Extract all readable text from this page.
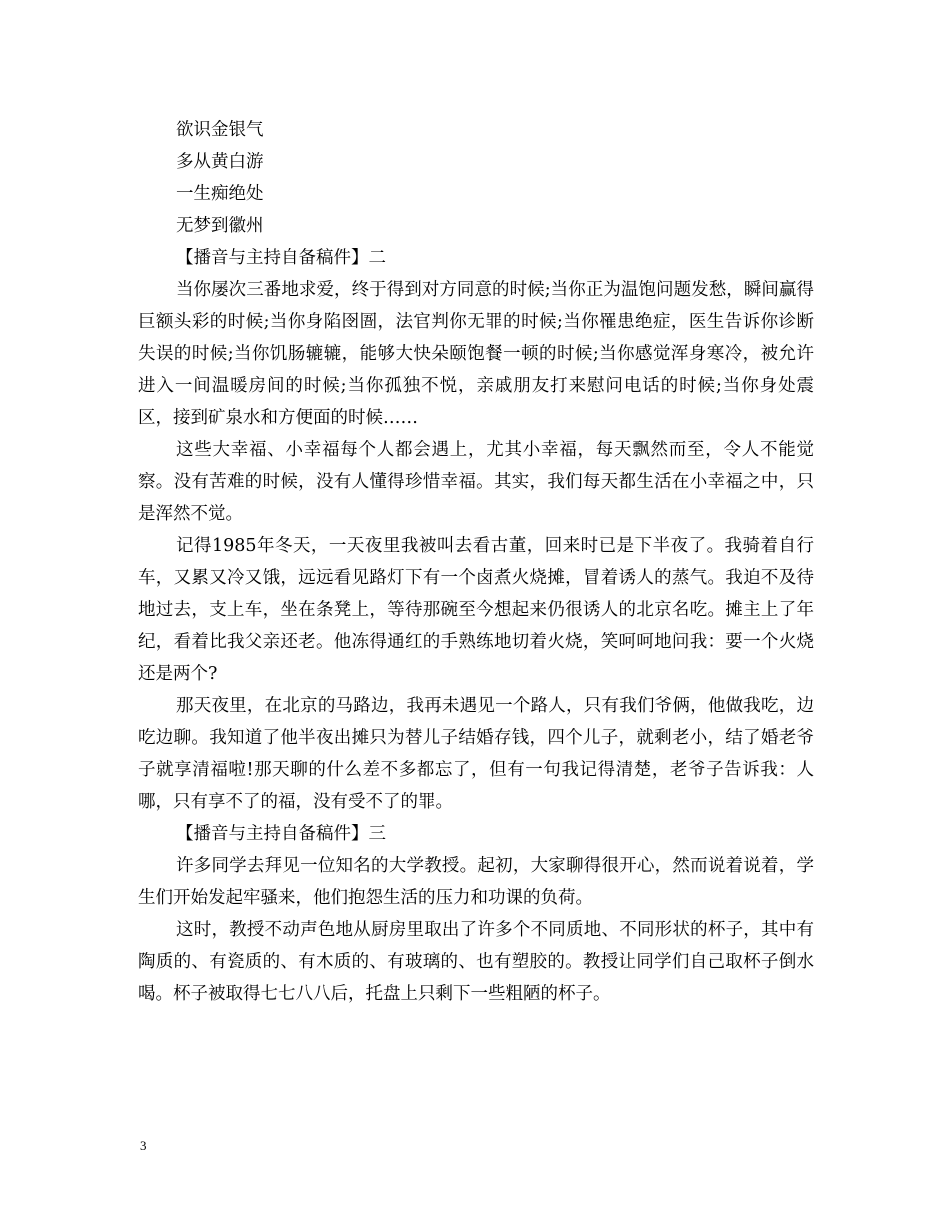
欲识金银气

多从黄白游

一生痴绝处

无梦到徽州

【播音与主持自备稿件】二

当你屡次三番地求爱，终于得到对方同意的时候;当你正为温饱问题发愁，瞬间赢得巨额头彩的时候;当你身陷囹圄，法官判你无罪的时候;当你罹患绝症，医生告诉你诊断失误的时候;当你饥肠辘辘，能够大快朵颐饱餐一顿的时候;当你感觉浑身寒冷，被允许进入一间温暖房间的时候;当你孤独不悦，亲戚朋友打来慰问电话的时候;当你身处震区，接到矿泉水和方便面的时候……

这些大幸福、小幸福每个人都会遇上，尤其小幸福，每天飘然而至，令人不能觉察。没有苦难的时候，没有人懂得珍惜幸福。其实，我们每天都生活在小幸福之中，只是浑然不觉。

记得1985年冬天，一天夜里我被叫去看古董，回来时已是下半夜了。我骑着自行车，又累又冷又饿，远远看见路灯下有一个卤煮火烧摊，冒着诱人的蒸气。我迫不及待地过去，支上车，坐在条凳上，等待那碗至今想起来仍很诱人的北京名吃。摊主上了年纪，看着比我父亲还老。他冻得通红的手熟练地切着火烧，笑呵呵地问我：要一个火烧还是两个?

那天夜里，在北京的马路边，我再未遇见一个路人，只有我们爷俩，他做我吃，边吃边聊。我知道了他半夜出摊只为替儿子结婚存钱，四个儿子，就剩老小，结了婚老爷子就享清福啦!那天聊的什么差不多都忘了，但有一句我记得清楚，老爷子告诉我：人哪，只有享不了的福，没有受不了的罪。

【播音与主持自备稿件】三

许多同学去拜见一位知名的大学教授。起初，大家聊得很开心，然而说着说着，学生们开始发起牢骚来，他们抱怨生活的压力和功课的负荷。

这时，教授不动声色地从厨房里取出了许多个不同质地、不同形状的杯子，其中有陶质的、有瓷质的、有木质的、有玻璃的、也有塑胶的。教授让同学们自己取杯子倒水喝。杯子被取得七七八八后，托盘上只剩下一些粗陋的杯子。

3
